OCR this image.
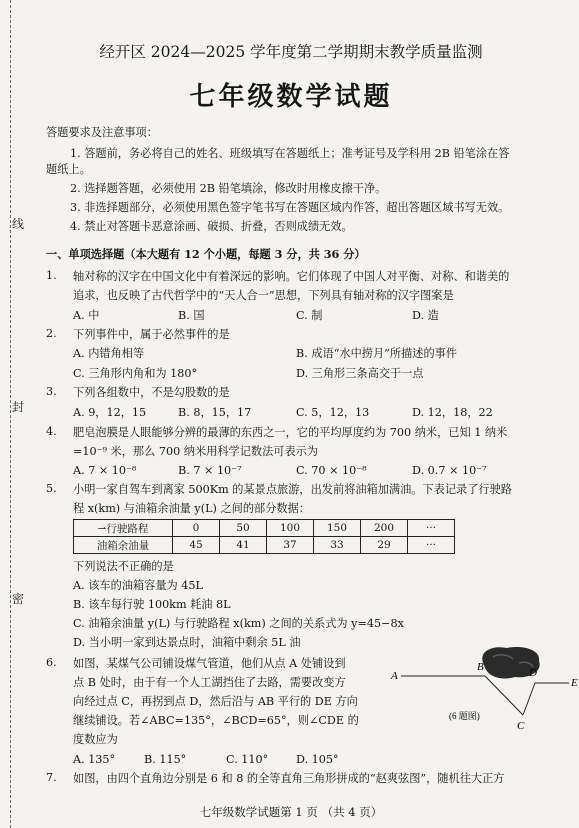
线
封
密
经开区 2024—2025 学年度第二学期期末教学质量监测
七年级数学试题
答题要求及注意事项：
1. 答题前，务必将自己的姓名、班级填写在答题纸上；准考证号及学科用 2B 铅笔涂在答
题纸上。
2. 选择题答题，必须使用 2B 铅笔填涂，修改时用橡皮擦干净。
3. 非选择题部分，必须使用黑色签字笔书写在答题区域内作答，超出答题区域书写无效。
4. 禁止对答题卡恶意涂画、破损、折叠，否则成绩无效。
一、单项选择题（本大题有 12 个小题，每题 3 分，共 36 分）
1. 轴对称的汉字在中国文化中有着深远的影响。它们体现了中国人对平衡、对称、和谐美的
追求，也反映了古代哲学中的“天人合一”思想，下列具有轴对称的汉字图案是
A. 中	B. 国	C. 制	D. 造
2. 下列事件中，属于必然事件的是
A. 内错角相等	B. 成语“水中捞月”所描述的事件
C. 三角形内角和为 180°	D. 三角形三条高交于一点
3. 下列各组数中，不是勾股数的是
A. 9，12，15	B. 8，15，17	C. 5，12，13	D. 12，18，22
4. 肥皂泡膜是人眼能够分辨的最薄的东西之一，它的平均厚度约为 700 纳米，已知 1 纳米
=10⁻⁹ 米，那么 700 纳米用科学记数法可表示为
A. 7 × 10⁻⁸	B. 7 × 10⁻⁷	C. 70 × 10⁻⁸	D. 0.7 × 10⁻⁷
5. 小明一家自驾车到离家 500Km 的某景点旅游，出发前将油箱加满油。下表记录了行驶路
程 x(km) 与油箱余油量 y(L) 之间的部分数据：
⇀行驶路程	0	50	100	150	200	···
油箱余油量	45	41	37	33	29	···
下列说法不正确的是
A. 该车的油箱容量为 45L
B. 该车每行驶 100km 耗油 8L
C. 油箱余油量 y(L) 与行驶路程 x(km) 之间的关系式为 y=45−8x
D. 当小明一家到达景点时，油箱中剩余 5L 油
6. 如图，某煤气公司铺设煤气管道，他们从点 A 处铺设到
点 B 处时，由于有一个人工湖挡住了去路，需要改变方
向经过点 C，再拐到点 D，然后沿与 AB 平行的 DE 方向
继续铺设。若∠ABC=135°，∠BCD=65°，则∠CDE 的
度数应为
A. 135°	B. 115°	C. 110° D. 105°
A
B
C
D
E
(6 题图)
7. 如图，由四个直角边分别是 6 和 8 的全等直角三角形拼成的“赵爽弦图”，随机往大正方
七年级数学试题第 1 页 （共 4 页）
